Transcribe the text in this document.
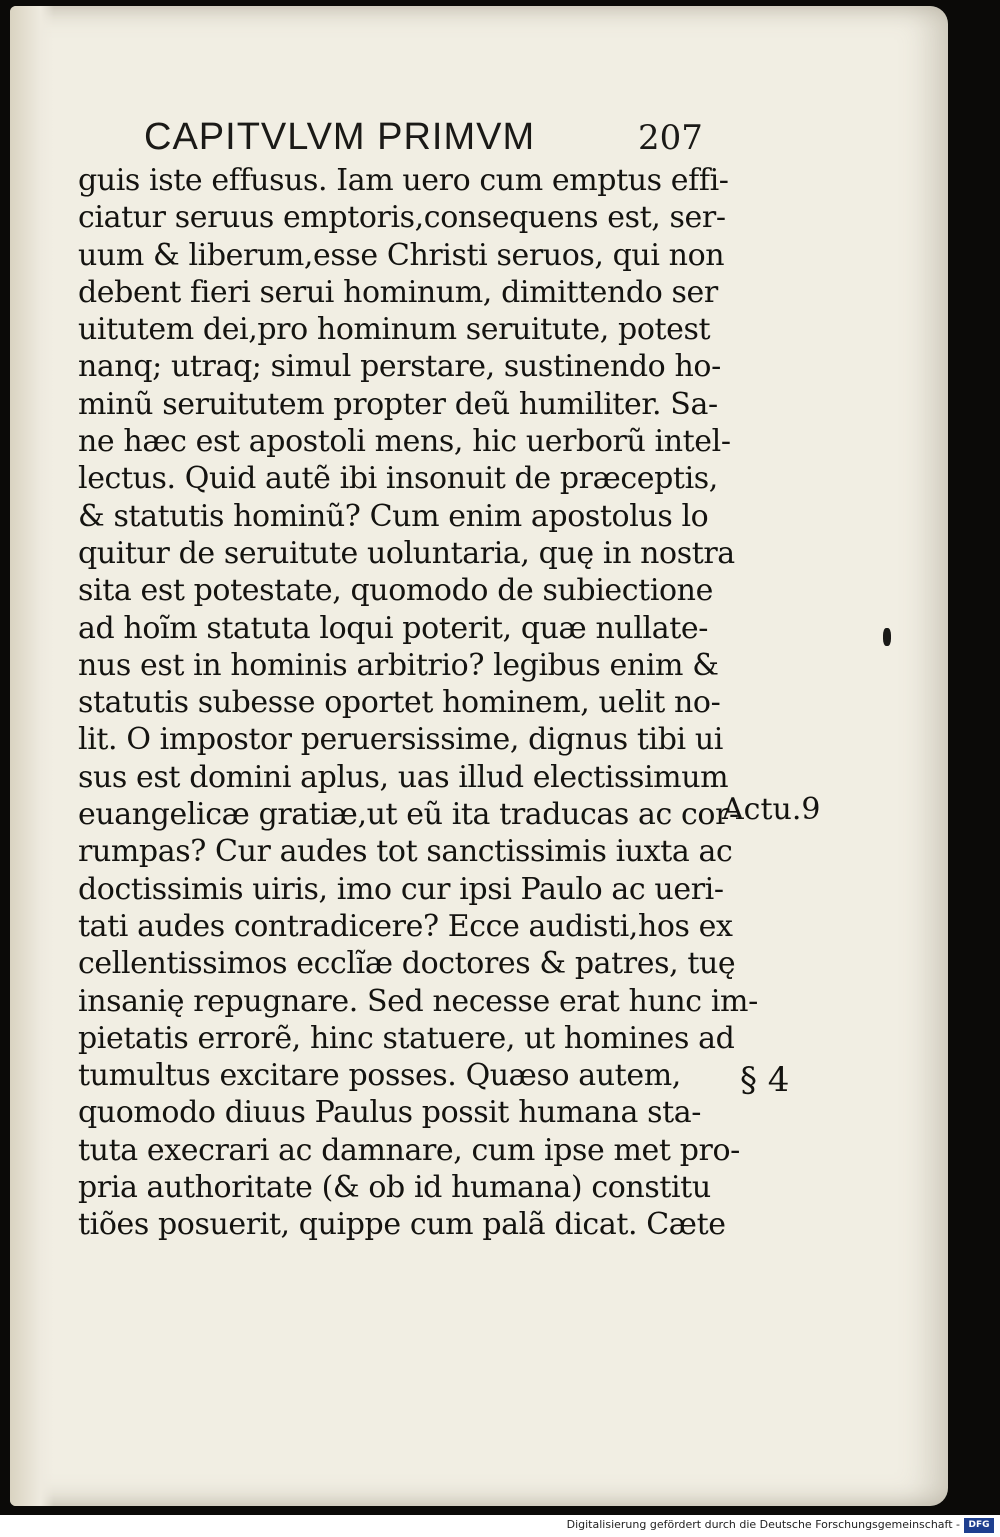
CAPITVLVM PRIMVM	207
guis iste effusus. Iam uero cum emptus effi-
ciatur seruus emptoris,consequens est, ser-
uum & liberum,esse Christi seruos, qui non
debent fieri serui hominum, dimittendo ser
uitutem dei,pro hominum seruitute, potest
nanq; utraq; simul perstare, sustinendo ho-
minũ seruitutem propter deũ humiliter. Sa-
ne hæc est apostoli mens, hic uerborũ intel-
lectus. Quid autẽ ibi insonuit de præceptis,
& statutis hominũ? Cum enim apostolus lo
quitur de seruitute uoluntaria, quę in nostra
sita est potestate, quomodo de subiectione
ad hoĩm statuta loqui poterit, quæ nullate-
nus est in hominis arbitrio? legibus enim &
statutis subesse oportet hominem, uelit no-
lit. O impostor peruersissime, dignus tibi ui
sus est domini aplus, uas illud electissimum
euangelicæ gratiæ,ut eũ ita traducas ac cor-
rumpas? Cur audes tot sanctissimis iuxta ac
doctissimis uiris, imo cur ipsi Paulo ac ueri-
tati audes contradicere? Ecce audisti,hos ex
cellentissimos ecclĩæ doctores & patres, tuę
insanię repugnare. Sed necesse erat hunc im-
pietatis errorẽ, hinc statuere, ut homines ad
tumultus excitare posses. Quæso autem,
quomodo diuus Paulus possit humana sta-
tuta execrari ac damnare, cum ipse met pro-
pria authoritate (& ob id humana) constitu
tiões posuerit, quippe cum palã dicat. Cæte
Actu.9
§ 4
Digitalisierung gefördert durch die Deutsche Forschungsgemeinschaft - DFG
